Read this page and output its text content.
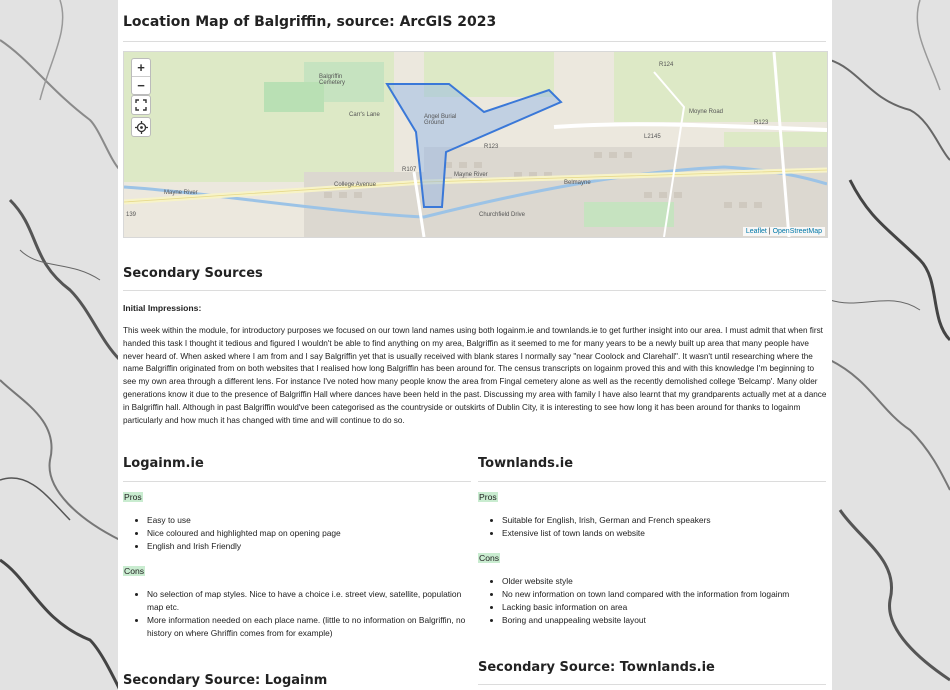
Location Map of Balgriffin, source: ArcGIS 2023
Balgriffin Cemetery
Angel Burial Ground
R124
R123
R123
L2145
R107
Moyne Road
Mayne River
Mayne River
Belmayne
College Avenue
Churchfield Drive
Carr's Lane
139
+
−
Leaflet | OpenStreetMap
Secondary Sources
Initial Impressions:

This week within the module, for introductory purposes we focused on our town land names using both logainm.ie and townlands.ie to get further insight into our area. I must admit that when first handed this task I thought it tedious and figured I wouldn't be able to find anything on my area, Balgriffin as it seemed to me for many years to be a newly built up area that many people have never heard of. When asked where I am from and I say Balgriffin yet that is usually received with blank stares I normally say "near Coolock and Clarehall". It wasn't until researching where the name Balgriffin originated from on both websites that I realised how long Balgriffin has been around for. The census transcripts on logainm proved this and with this knowledge I'm beginning to see my own area through a different lens. For instance I've noted how many people know the area from Fingal cemetery alone as well as the recently demolished college 'Belcamp'. Many older generations know it due to the presence of Balgriffin Hall where dances have been held in the past. Discussing my area with family I have also learnt that my grandparents actually met at a dance in Balgriffin hall. Although in past Balgriffin would've been categorised as the countryside or outskirts of Dublin City, it is interesting to see how long it has been around for thanks to logainm particularly and how much it has changed with time and will continue to do so.

Logainm.ie
Pros
• Easy to use
• Nice coloured and highlighted map on opening page
• English and Irish Friendly
Cons
• No selection of map styles. Nice to have a choice i.e. street view, satellite, population map etc.
• More information needed on each place name. (little to no information on Balgriffin, no history on where Ghriffin comes from for example)
Townlands.ie
Pros
• Suitable for English, Irish, German and French speakers
• Extensive list of town lands on website
Cons
• Older website style
• No new information on town land compared with the information from logainm
• Lacking basic information on area
• Boring and unappealing website layout
Secondary Source: Townlands.ie
Secondary Source: Logainm
